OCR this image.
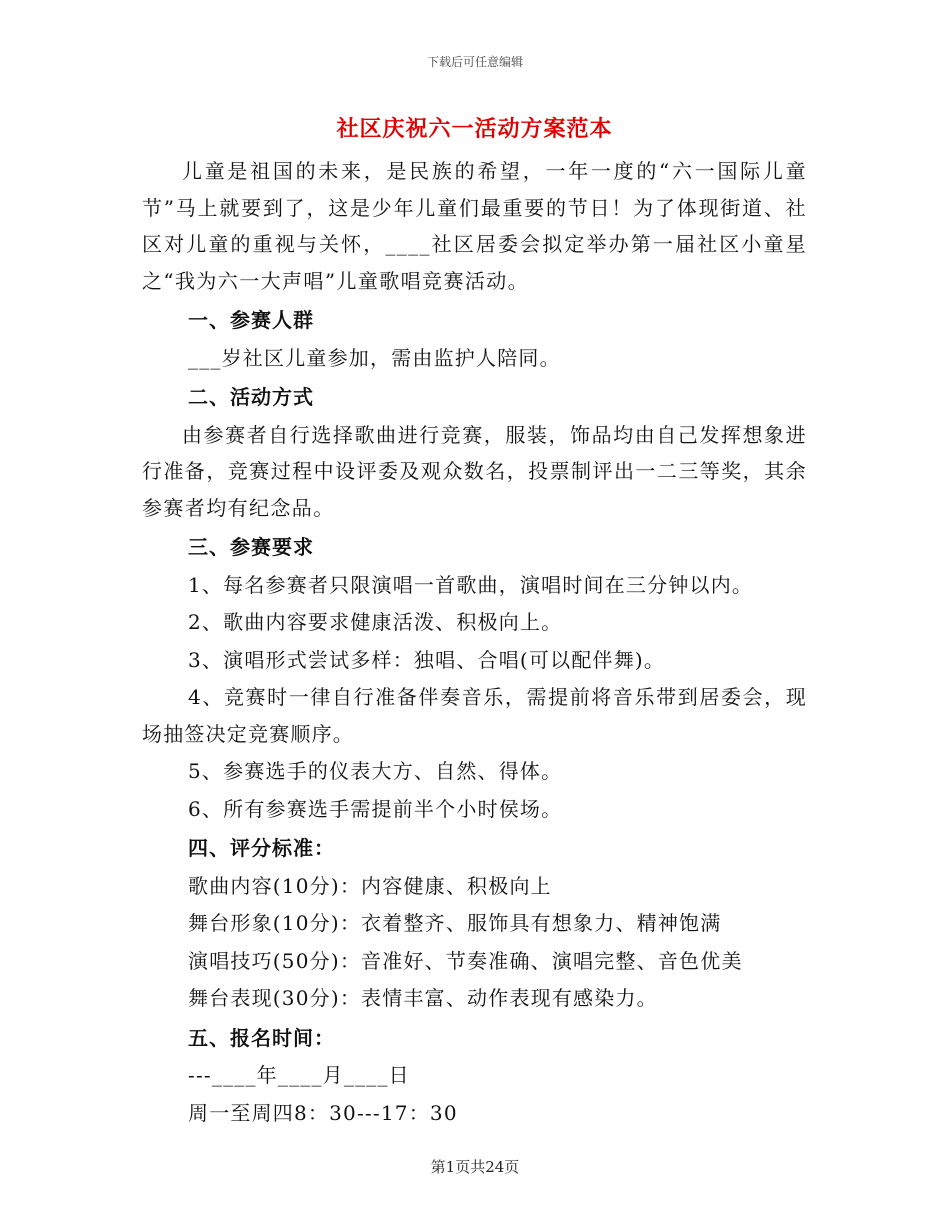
下载后可任意编辑
社区庆祝六一活动方案范本

儿童是祖国的未来，是民族的希望，一年一度的“六一国际儿童节”马上就要到了，这是少年儿童们最重要的节日！为了体现街道、社区对儿童的重视与关怀，____社区居委会拟定举办第一届社区小童星之“我为六一大声唱”儿童歌唱竞赛活动。

一、参赛人群

___岁社区儿童参加，需由监护人陪同。

二、活动方式

由参赛者自行选择歌曲进行竞赛，服装，饰品均由自己发挥想象进行准备，竞赛过程中设评委及观众数名，投票制评出一二三等奖，其余参赛者均有纪念品。

三、参赛要求

1、每名参赛者只限演唱一首歌曲，演唱时间在三分钟以内。

2、歌曲内容要求健康活泼、积极向上。

3、演唱形式尝试多样：独唱、合唱(可以配伴舞)。

4、竞赛时一律自行准备伴奏音乐，需提前将音乐带到居委会，现场抽签决定竞赛顺序。

5、参赛选手的仪表大方、自然、得体。

6、所有参赛选手需提前半个小时侯场。

四、评分标准：

歌曲内容(10分)：内容健康、积极向上

舞台形象(10分)：衣着整齐、服饰具有想象力、精神饱满

演唱技巧(50分)：音准好、节奏准确、演唱完整、音色优美

舞台表现(30分)：表情丰富、动作表现有感染力。

五、报名时间：

---____年____月____日

周一至周四8：30---17：30

第1页共24页
